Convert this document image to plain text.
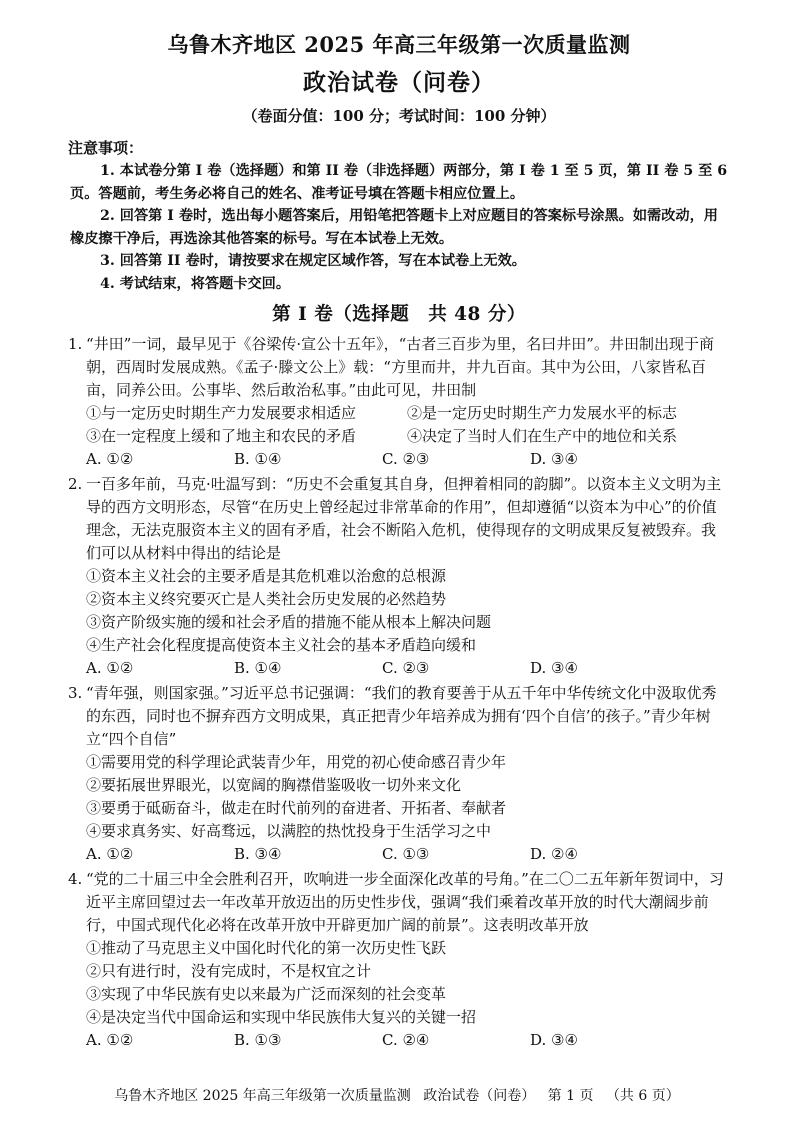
乌鲁木齐地区 2025 年高三年级第一次质量监测
政治试卷（问卷）
（卷面分值：100 分；考试时间：100 分钟）
注意事项：

1. 本试卷分第 I 卷（选择题）和第 II 卷（非选择题）两部分，第 I 卷 1 至 5 页，第 II 卷 5 至 6 页。答题前，考生务必将自己的姓名、准考证号填在答题卡相应位置上。

2. 回答第 I 卷时，选出每小题答案后，用铅笔把答题卡上对应题目的答案标号涂黑。如需改动，用橡皮擦干净后，再选涂其他答案的标号。写在本试卷上无效。

3. 回答第 II 卷时，请按要求在规定区域作答，写在本试卷上无效。

4. 考试结束，将答题卡交回。

第 I 卷（选择题　共 48 分）
1. “井田”一词，最早见于《谷梁传·宣公十五年》，“古者三百步为里，名曰井田”。井田制出现于商朝，西周时发展成熟。《孟子·滕文公上》载：“方里而井，井九百亩。其中为公田，八家皆私百亩，同养公田。公事毕、然后敢治私事。”由此可见，井田制

①与一定历史时期生产力发展要求相适应	②是一定历史时期生产力发展水平的标志

③在一定程度上缓和了地主和农民的矛盾	④决定了当时人们在生产中的地位和关系

A. ①②	B. ①④	C. ②③	D. ③④
2. 一百多年前，马克·吐温写到：“历史不会重复其自身，但押着相同的韵脚”。以资本主义文明为主导的西方文明形态，尽管“在历史上曾经起过非常革命的作用”，但却遵循“以资本为中心”的价值理念，无法克服资本主义的固有矛盾，社会不断陷入危机，使得现存的文明成果反复被毁弃。我们可以从材料中得出的结论是

①资本主义社会的主要矛盾是其危机难以治愈的总根源

②资本主义终究要灭亡是人类社会历史发展的必然趋势

③资产阶级实施的缓和社会矛盾的措施不能从根本上解决问题

④生产社会化程度提高使资本主义社会的基本矛盾趋向缓和

A. ①②	B. ①④	C. ②③	D. ③④
3. “青年强，则国家强。”习近平总书记强调：“我们的教育要善于从五千年中华传统文化中汲取优秀的东西，同时也不摒弃西方文明成果，真正把青少年培养成为拥有‘四个自信’的孩子。”青少年树立“四个自信”

①需要用党的科学理论武装青少年，用党的初心使命感召青少年

②要拓展世界眼光，以宽阔的胸襟借鉴吸收一切外来文化

③要勇于砥砺奋斗，做走在时代前列的奋进者、开拓者、奉献者

④要求真务实、好高骛远，以满腔的热忱投身于生活学习之中

A. ①②	B. ③④	C. ①③	D. ②④
4. “党的二十届三中全会胜利召开，吹响进一步全面深化改革的号角。”在二〇二五年新年贺词中，习近平主席回望过去一年改革开放迈出的历史性步伐，强调“我们乘着改革开放的时代大潮阔步前行，中国式现代化必将在改革开放中开辟更加广阔的前景”。这表明改革开放

①推动了马克思主义中国化时代化的第一次历史性飞跃

②只有进行时，没有完成时，不是权宜之计

③实现了中华民族有史以来最为广泛而深刻的社会变革

④是决定当代中国命运和实现中华民族伟大复兴的关键一招

A. ①②	B. ①③	C. ②④	D. ③④
乌鲁木齐地区 2025 年高三年级第一次质量监测 政治试卷（问卷） 第 1 页 （共 6 页）
